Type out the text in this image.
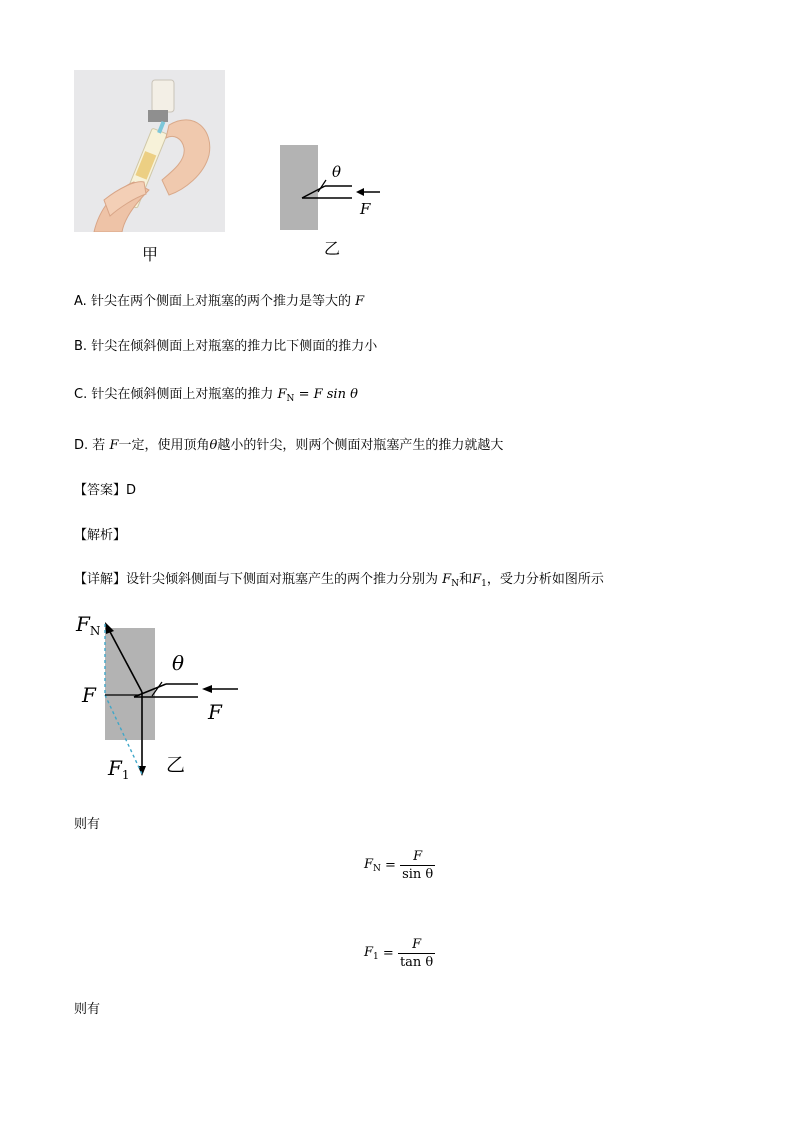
甲
θ
F
乙
A. 针尖在两个侧面上对瓶塞的两个推力是等大的 F
B. 针尖在倾斜侧面上对瓶塞的推力比下侧面的推力小
C. 针尖在倾斜侧面上对瓶塞的推力 $F_N = F$ sin θ
D. 若 F一定，使用顶角θ越小的针尖，则两个侧面对瓶塞产生的推力就越大
【答案】D
【解析】
【详解】设针尖倾斜侧面与下侧面对瓶塞产生的两个推力分别为 $F_N$和$F_1$，受力分析如图所示
$F_N$
F
θ
F
$F_1$ 乙
则有
$F_N = \frac{F}{\text{sin θ}}$
$F_1 = \frac{F}{\text{tan θ}}$
则有
